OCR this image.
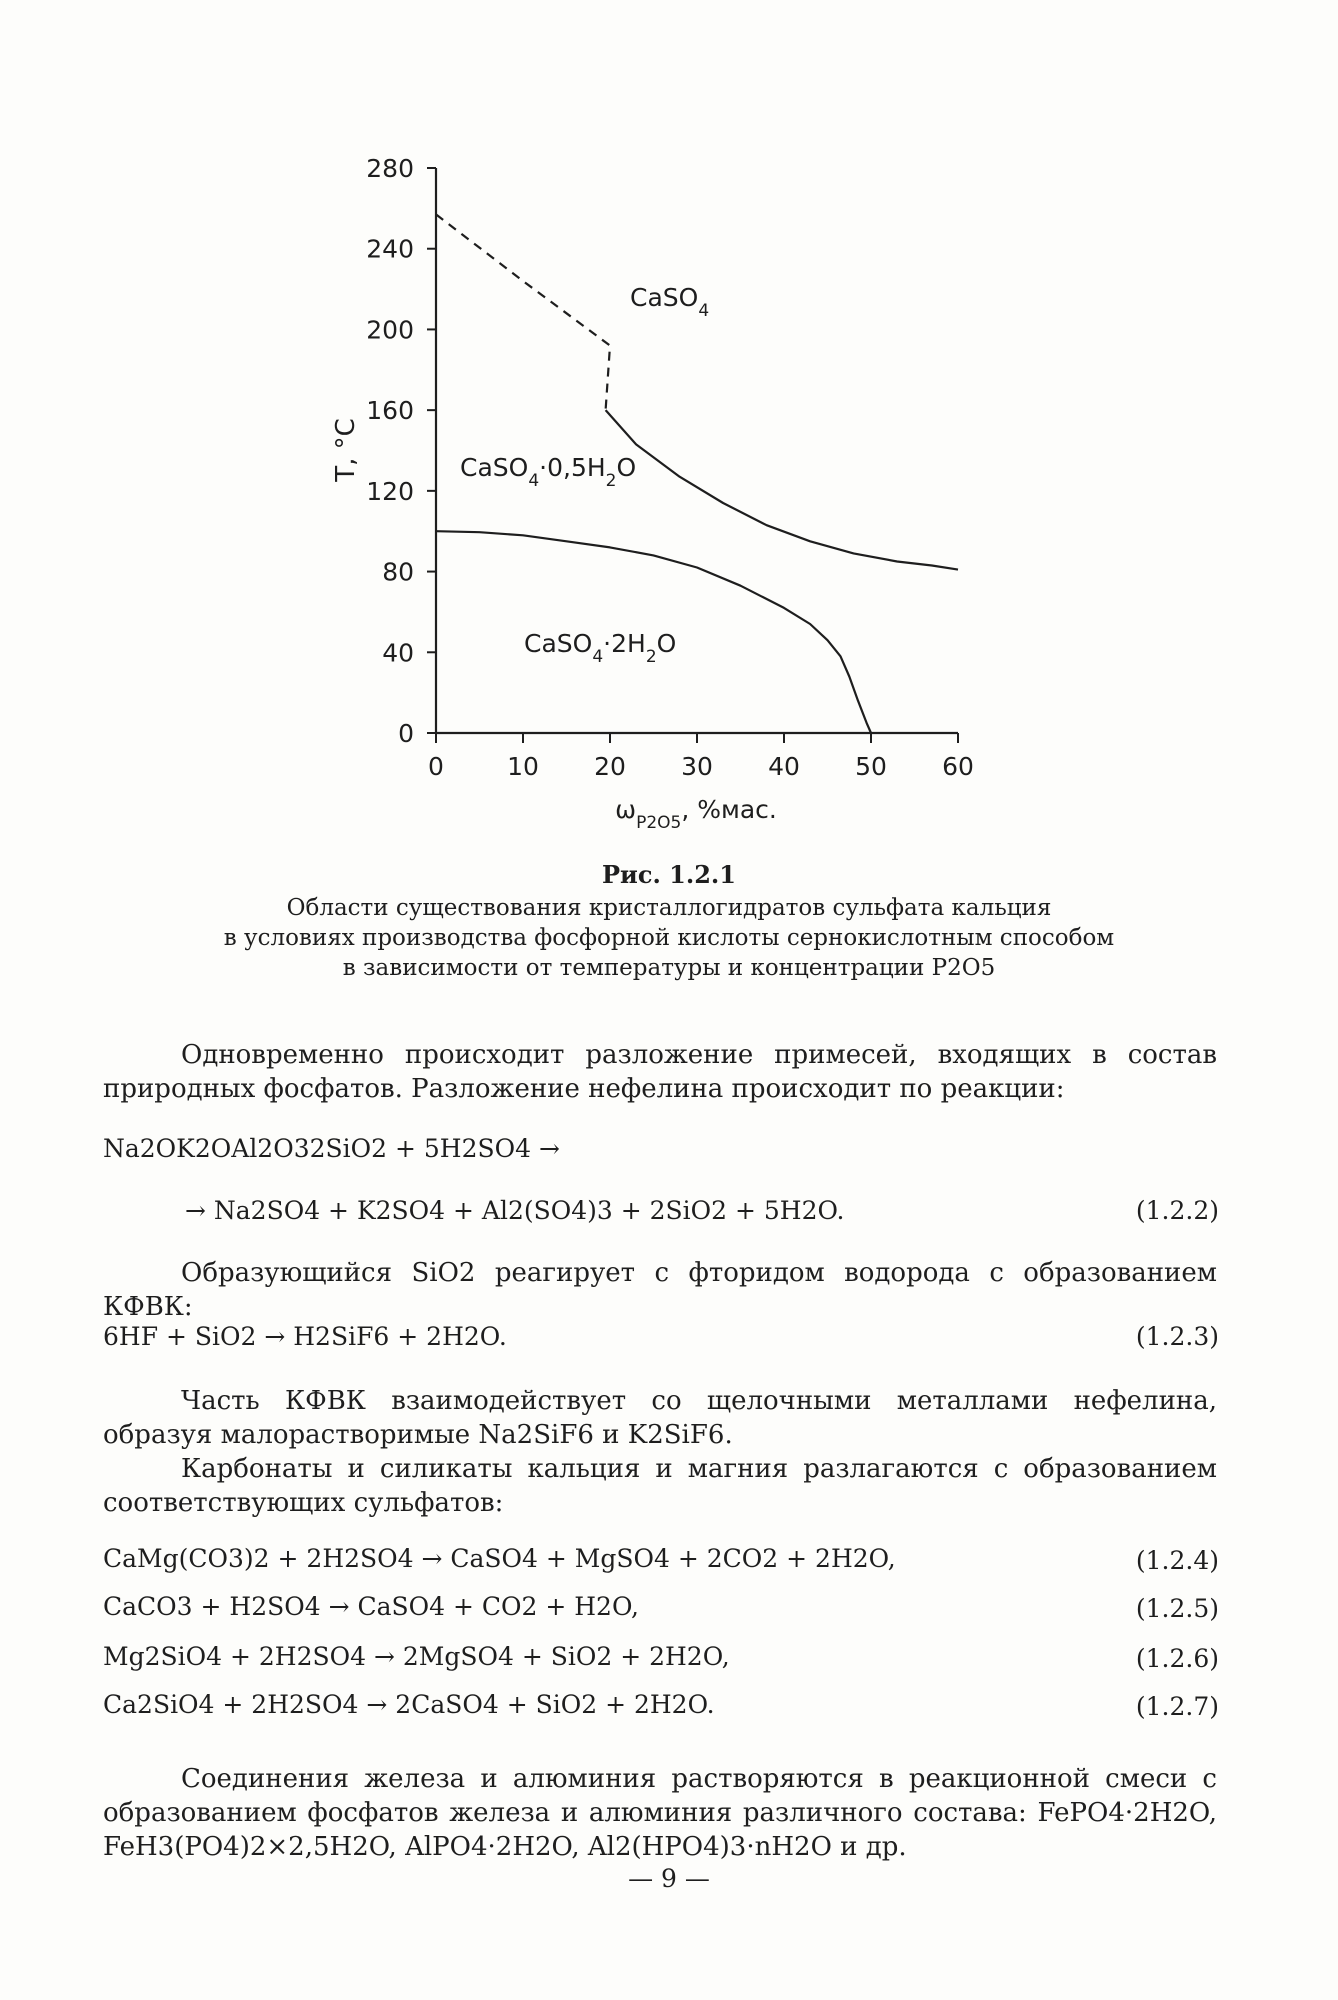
0
40
80
120
160
200
240
280
0	10 20 30 40 50 60
CaSO$_4$
$CaSO_4\cdot 0,5H_2O$
$CaSO_4\cdot 2H_2O$
T, °С
$\omega_{P2O5}$, %мас.
Рис. 1.2.1
Области существования кристаллогидратов сульфата кальция
в условиях производства фосфорной кислоты сернокислотным способом
в зависимости от температуры и концентрации P2O5
Одновременно происходит разложение примесей, входящих в состав природных фосфатов. Разложение нефелина происходит по реакции:
Na2OK2OAl2O32SiO2 + 5H2SO4 →
→ Na2SO4 + K2SO4 + Al2(SO4)3 + 2SiO2 + 5H2O.	(1.2.2)
Образующийся SiO2 реагирует с фторидом водорода с образованием КФВК:
6HF + SiO2 → H2SiF6 + 2H2O.	(1.2.3)
Часть КФВК взаимодействует со щелочными металлами нефелина, образуя малорастворимые Na2SiF6 и K2SiF6.
Карбонаты и силикаты кальция и магния разлагаются с образованием соответствующих сульфатов:
CaMg(CO3)2 + 2H2SO4 → CaSO4 + MgSO4 + 2CO2 + 2H2O,	(1.2.4)
CaCO3 + H2SO4 → CaSO4 + CO2 + H2O,	(1.2.5)
Mg2SiO4 + 2H2SO4 → 2MgSO4 + SiO2 + 2H2O,	(1.2.6)
Ca2SiO4 + 2H2SO4 → 2CaSO4 + SiO2 + 2H2O.	(1.2.7)
Соединения железа и алюминия растворяются в реакционной смеси с образованием фосфатов железа и алюминия различного состава: FePO4·2H2O, FeH3(PO4)2×2,5H2O, AlPO4·2H2O, Al2(HPO4)3·nH2O и др.
— 9 —
